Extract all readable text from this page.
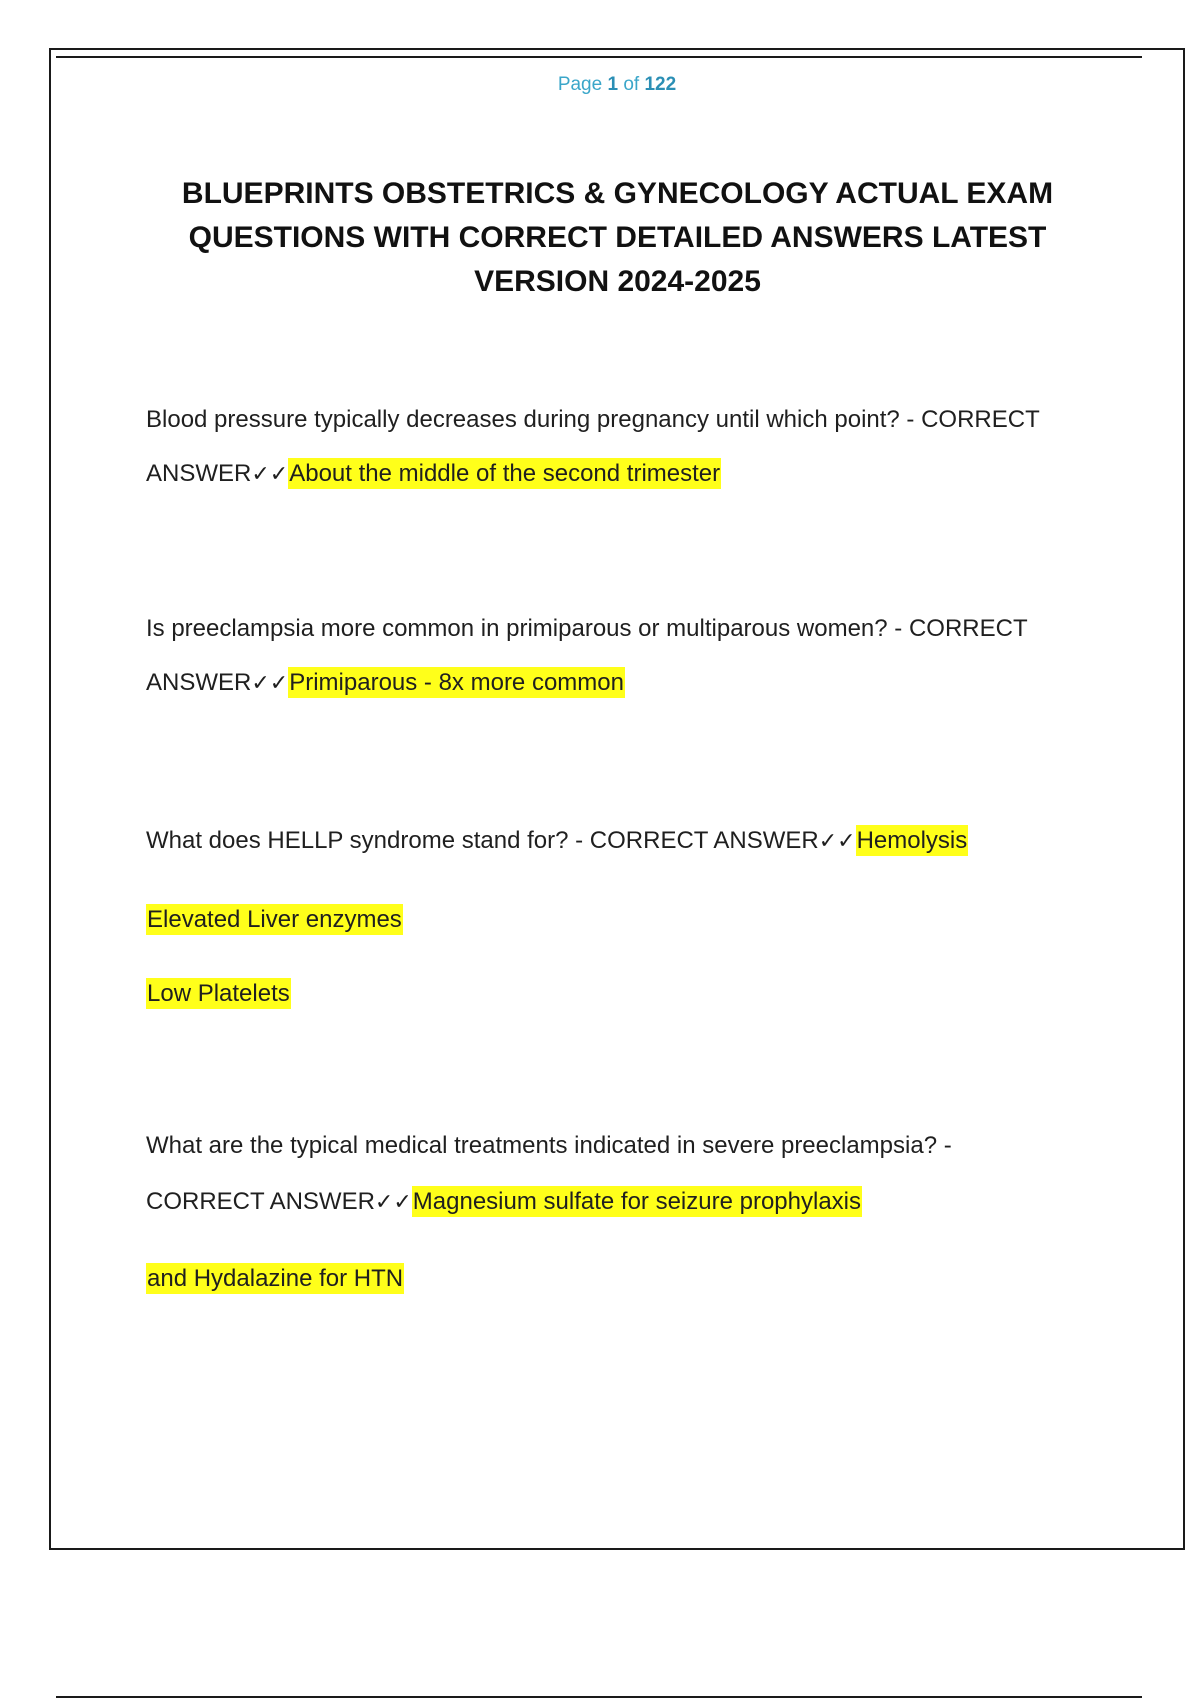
Page 1 of 122
BLUEPRINTS OBSTETRICS & GYNECOLOGY ACTUAL EXAM
QUESTIONS WITH CORRECT DETAILED ANSWERS LATEST
VERSION 2024-2025
Blood pressure typically decreases during pregnancy until which point? - CORRECT
ANSWER✓✓About the middle of the second trimester
Is preeclampsia more common in primiparous or multiparous women? - CORRECT
ANSWER✓✓Primiparous - 8x more common
What does HELLP syndrome stand for? - CORRECT ANSWER✓✓Hemolysis
Elevated Liver enzymes
Low Platelets
What are the typical medical treatments indicated in severe preeclampsia? -
CORRECT ANSWER✓✓Magnesium sulfate for seizure prophylaxis
and Hydalazine for HTN
